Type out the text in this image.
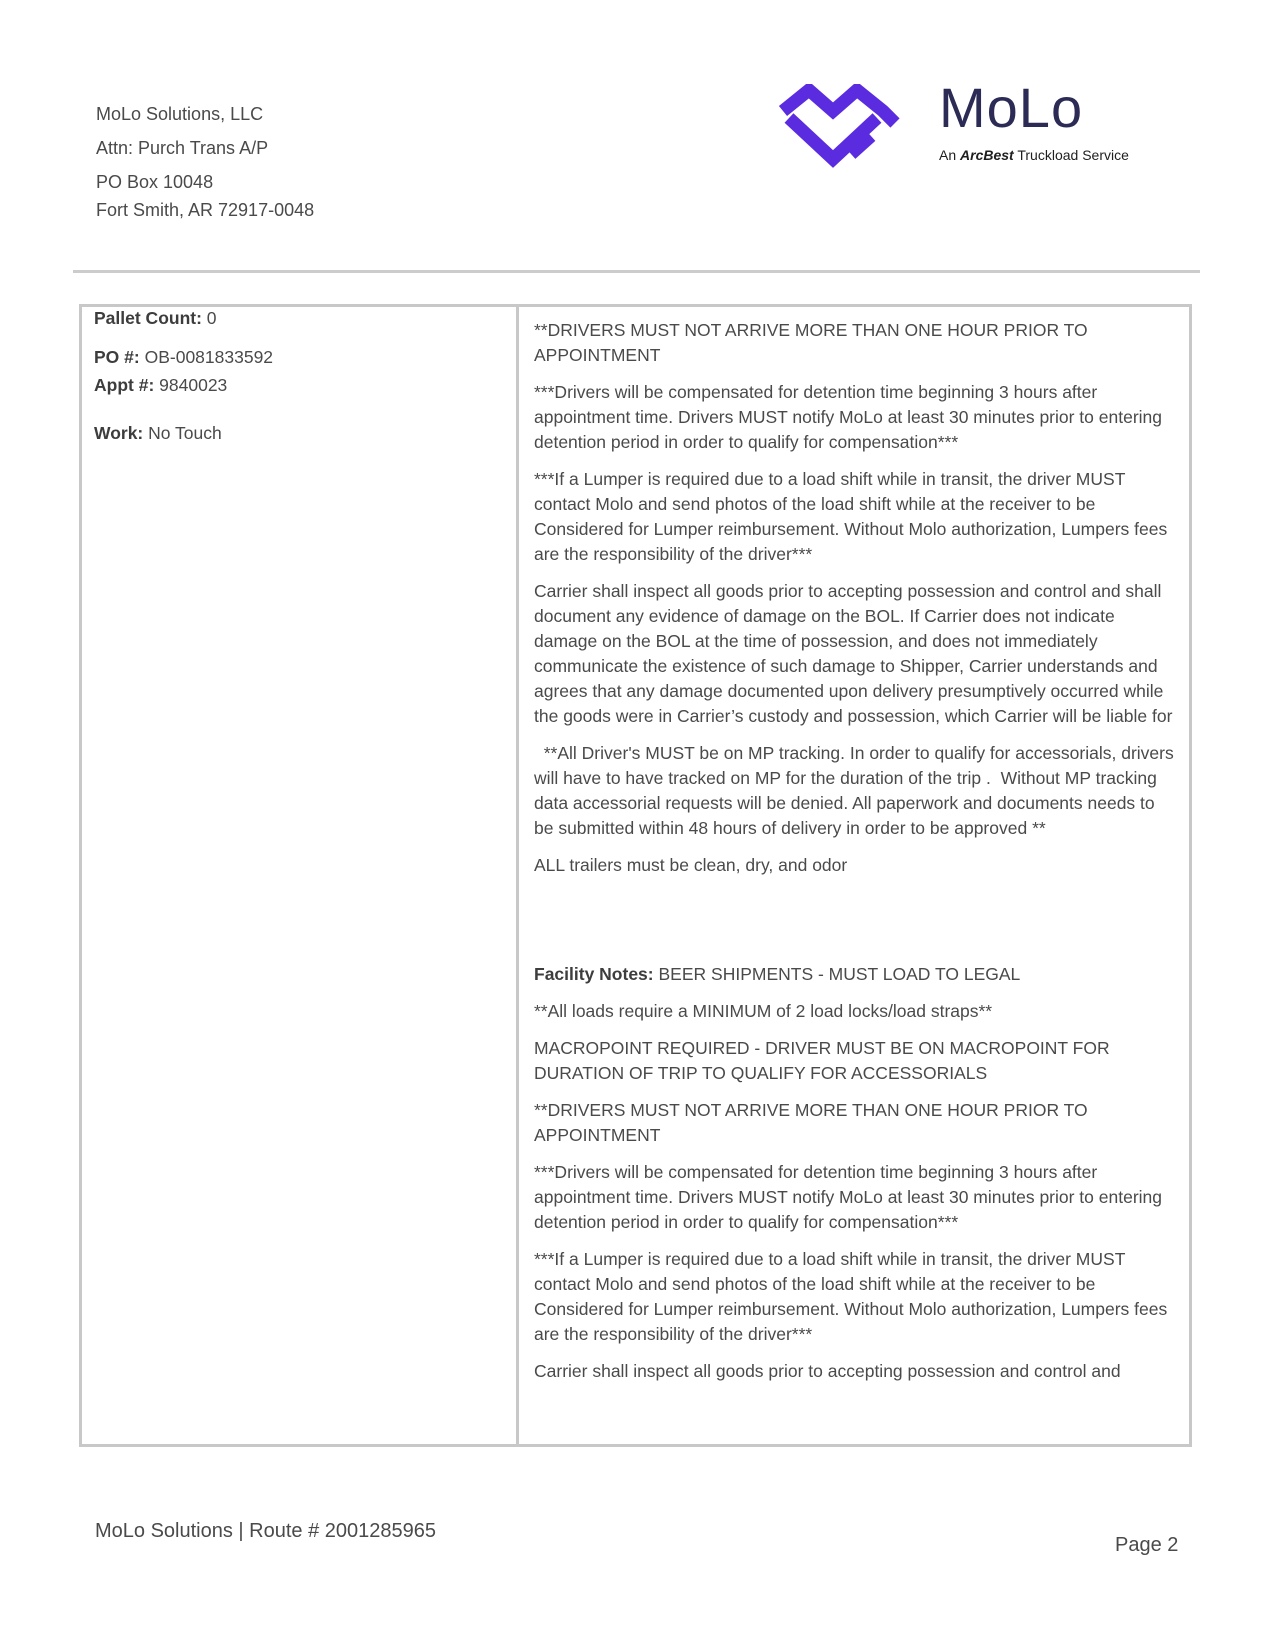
MoLo Solutions, LLC
Attn: Purch Trans A/P
PO Box 10048
Fort Smith, AR 72917-0048
MoLo
An ArcBest Truckload Service
Pallet Count: 0
PO #: OB-0081833592
Appt #: 9840023
Work: No Touch

**DRIVERS MUST NOT ARRIVE MORE THAN ONE HOUR PRIOR TO APPOINTMENT

***Drivers will be compensated for detention time beginning 3 hours after appointment time. Drivers MUST notify MoLo at least 30 minutes prior to entering detention period in order to qualify for compensation***

***If a Lumper is required due to a load shift while in transit, the driver MUST contact Molo and send photos of the load shift while at the receiver to be Considered for Lumper reimbursement. Without Molo authorization, Lumpers fees are the responsibility of the driver***

Carrier shall inspect all goods prior to accepting possession and control and shall document any evidence of damage on the BOL. If Carrier does not indicate damage on the BOL at the time of possession, and does not immediately communicate the existence of such damage to Shipper, Carrier understands and agrees that any damage documented upon delivery presumptively occurred while the goods were in Carrier’s custody and possession, which Carrier will be liable for

**All Driver's MUST be on MP tracking. In order to qualify for accessorials, drivers will have to have tracked on MP for the duration of the trip .  Without MP tracking data accessorial requests will be denied. All paperwork and documents needs to be submitted within 48 hours of delivery in order to be approved **

ALL trailers must be clean, dry, and odor

Facility Notes: BEER SHIPMENTS - MUST LOAD TO LEGAL

**All loads require a MINIMUM of 2 load locks/load straps**

MACROPOINT REQUIRED - DRIVER MUST BE ON MACROPOINT FOR DURATION OF TRIP TO QUALIFY FOR ACCESSORIALS

**DRIVERS MUST NOT ARRIVE MORE THAN ONE HOUR PRIOR TO APPOINTMENT

***Drivers will be compensated for detention time beginning 3 hours after appointment time. Drivers MUST notify MoLo at least 30 minutes prior to entering detention period in order to qualify for compensation***

***If a Lumper is required due to a load shift while in transit, the driver MUST contact Molo and send photos of the load shift while at the receiver to be Considered for Lumper reimbursement. Without Molo authorization, Lumpers fees are the responsibility of the driver***

Carrier shall inspect all goods prior to accepting possession and control and

MoLo Solutions | Route # 2001285965
Page 2
